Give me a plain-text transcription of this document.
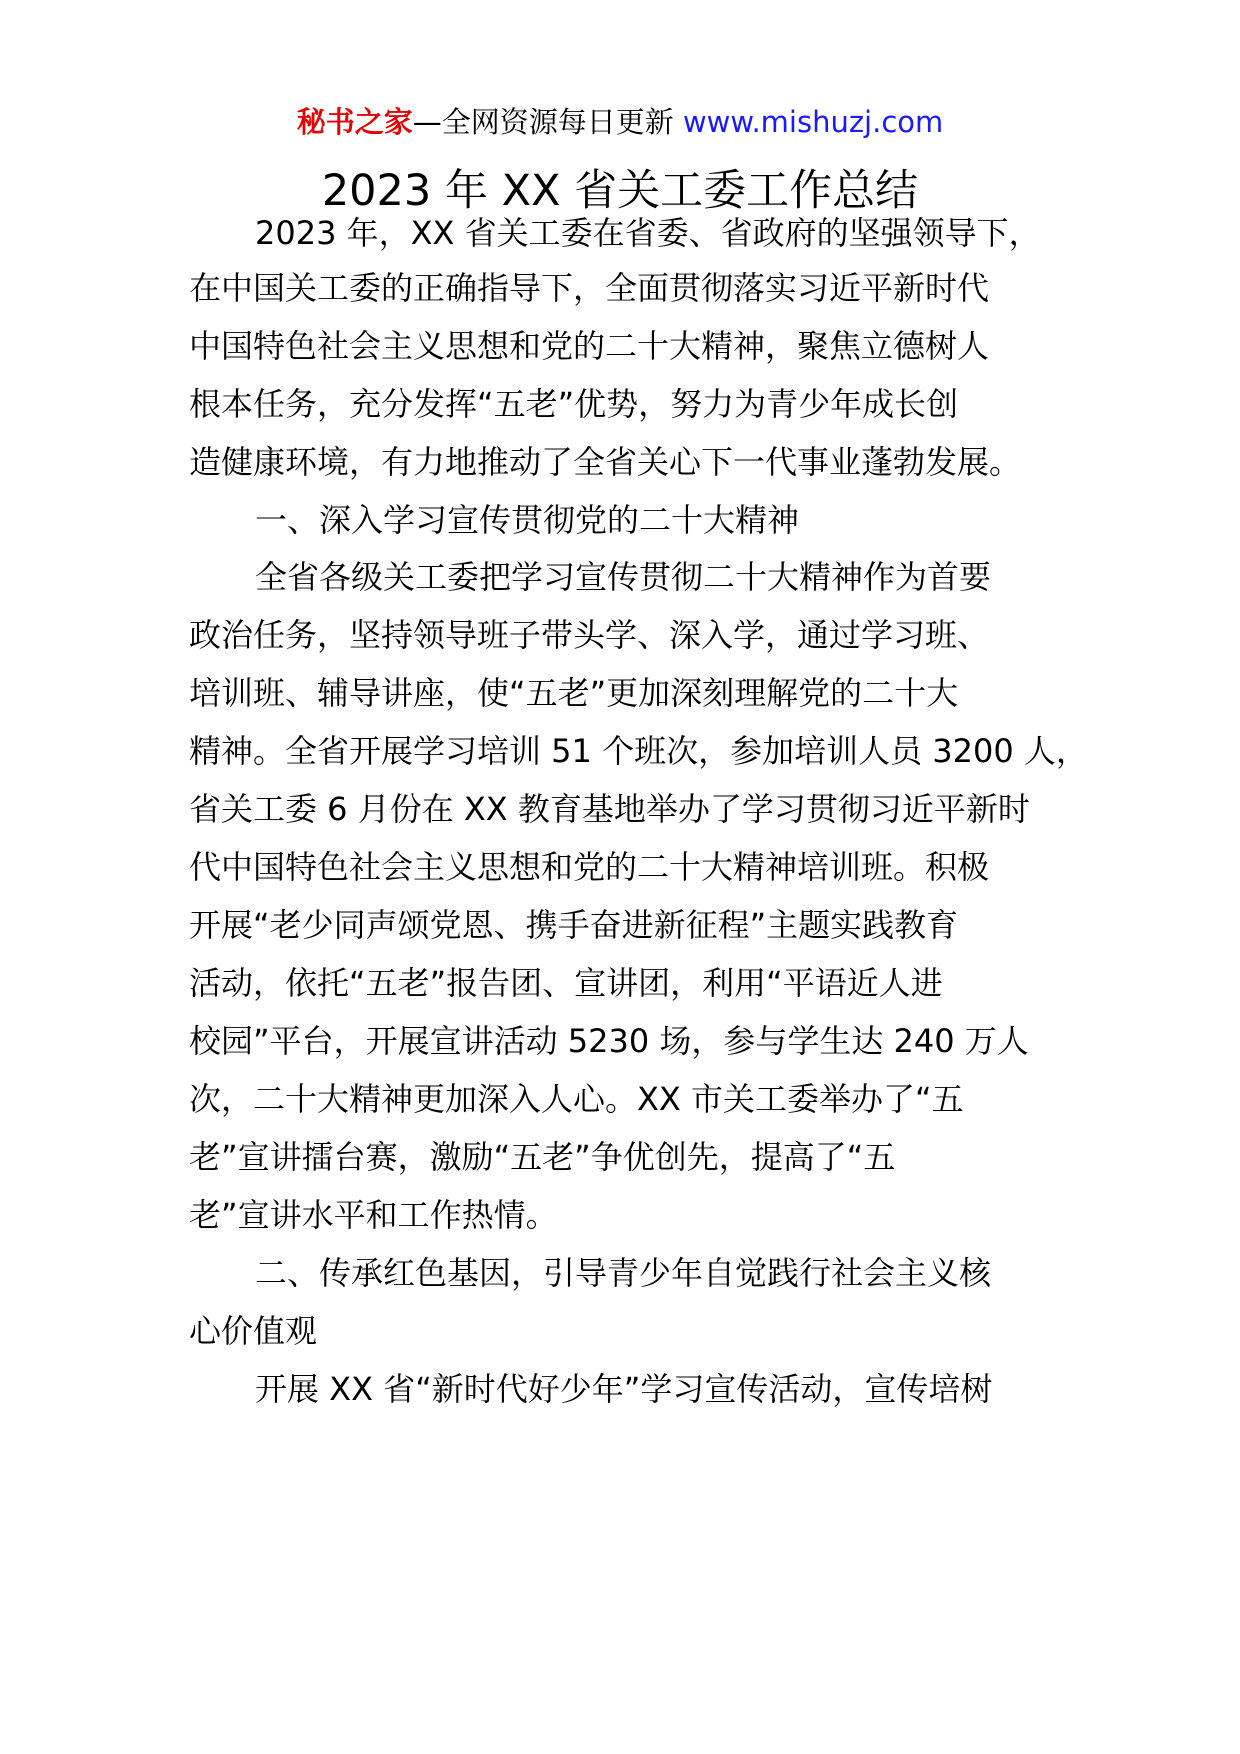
秘书之家—全网资源每日更新 www.mishuzj.com
2023 年 XX 省关工委工作总结

2023 年，XX 省关工委在省委、省政府的坚强领导下，

在中国关工委的正确指导下，全面贯彻落实习近平新时代

中国特色社会主义思想和党的二十大精神，聚焦立德树人

根本任务，充分发挥“五老”优势，努力为青少年成长创

造健康环境，有力地推动了全省关心下一代事业蓬勃发展。

一、深入学习宣传贯彻党的二十大精神

全省各级关工委把学习宣传贯彻二十大精神作为首要

政治任务，坚持领导班子带头学、深入学，通过学习班、

培训班、辅导讲座，使“五老”更加深刻理解党的二十大

精神。全省开展学习培训 51 个班次，参加培训人员 3200 人，

省关工委 6 月份在 XX 教育基地举办了学习贯彻习近平新时

代中国特色社会主义思想和党的二十大精神培训班。积极

开展“老少同声颂党恩、携手奋进新征程”主题实践教育

活动，依托“五老”报告团、宣讲团，利用“平语近人进

校园”平台，开展宣讲活动 5230 场，参与学生达 240 万人

次，二十大精神更加深入人心。XX 市关工委举办了“五

老”宣讲擂台赛，激励“五老”争优创先，提高了“五

老”宣讲水平和工作热情。

二、传承红色基因，引导青少年自觉践行社会主义核

心价值观

开展 XX 省“新时代好少年”学习宣传活动，宣传培树
